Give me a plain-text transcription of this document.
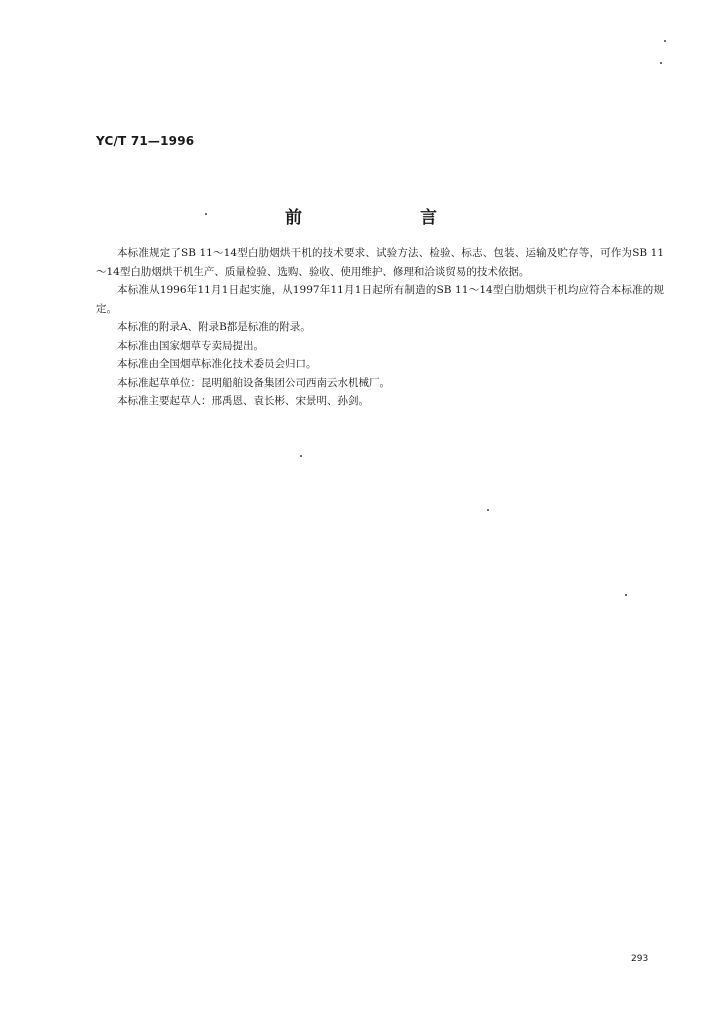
YC/T 71—1996
前 言

本标准规定了SB 11～14型白肋烟烘干机的技术要求、试验方法、检验、标志、包装、运输及贮存等，可作为SB 11～14型白肋烟烘干机生产、质量检验、选购、验收、使用维护、修理和洽谈贸易的技术依据。

本标准从1996年11月1日起实施，从1997年11月1日起所有制造的SB 11～14型白肋烟烘干机均应符合本标准的规定。

本标准的附录A、附录B都是标准的附录。

本标准由国家烟草专卖局提出。

本标准由全国烟草标准化技术委员会归口。

本标准起草单位：昆明船舶设备集团公司西南云水机械厂。

本标准主要起草人：邢禹恩、袁长彬、宋景明、孙剑。

293
